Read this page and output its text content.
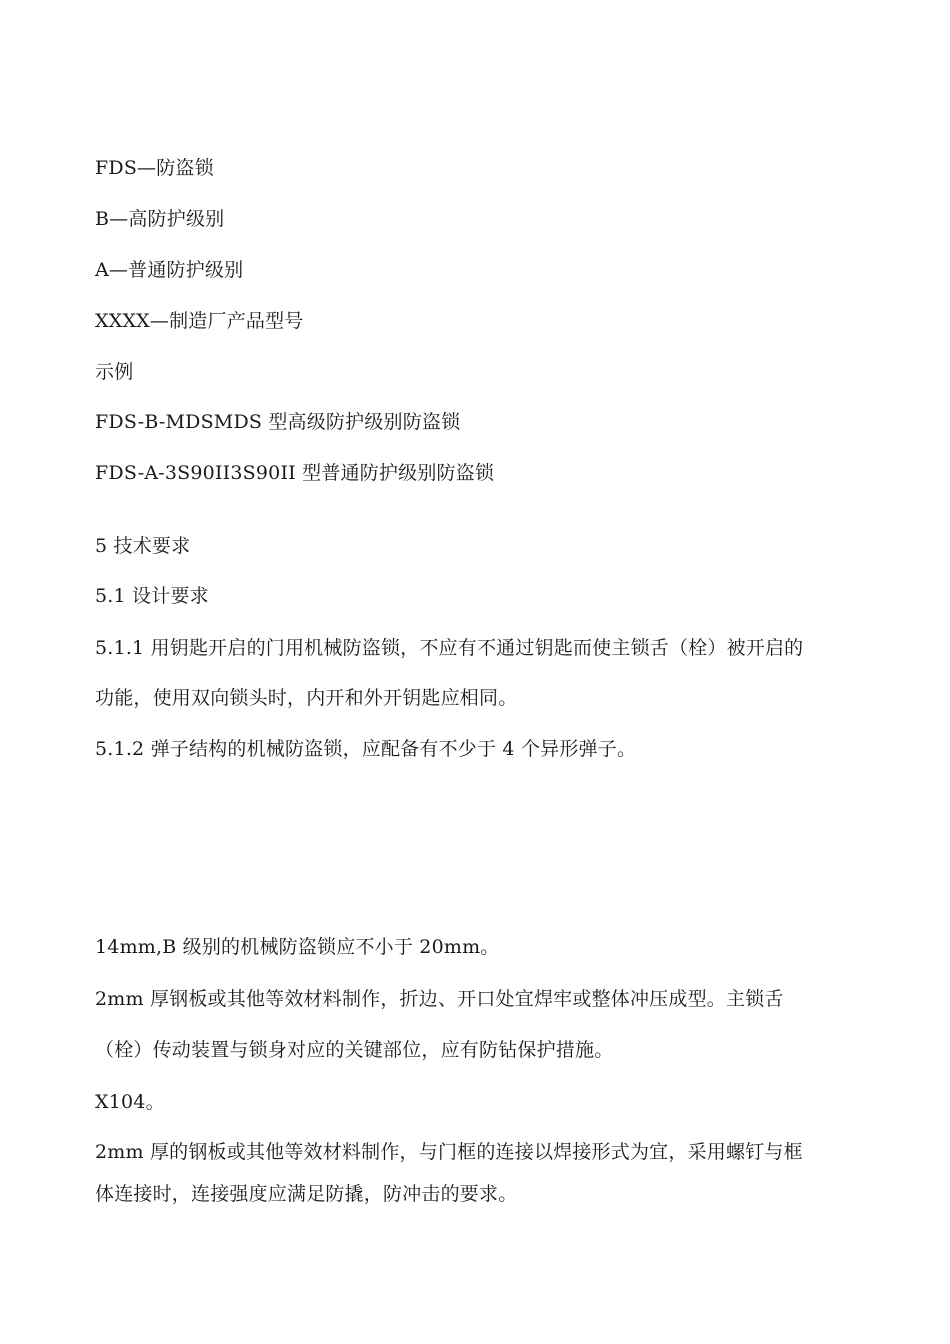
FDS—防盗锁
B—高防护级别
A—普通防护级别
XXXX—制造厂产品型号
示例
FDS-B-MDSMDS 型高级防护级别防盗锁
FDS-A-3S90II3S90II 型普通防护级别防盗锁
5 技术要求
5.1 设计要求
5.1.1 用钥匙开启的门用机械防盗锁，不应有不通过钥匙而使主锁舌（栓）被开启的
功能，使用双向锁头时，内开和外开钥匙应相同。
5.1.2 弹子结构的机械防盗锁，应配备有不少于 4 个异形弹子。
14mm,B 级别的机械防盗锁应不小于 20mm。
2mm 厚钢板或其他等效材料制作，折边、开口处宜焊牢或整体冲压成型。主锁舌
（栓）传动装置与锁身对应的关键部位，应有防钻保护措施。
X104。
2mm 厚的钢板或其他等效材料制作，与门框的连接以焊接形式为宜，采用螺钉与框
体连接时，连接强度应满足防撬，防冲击的要求。
